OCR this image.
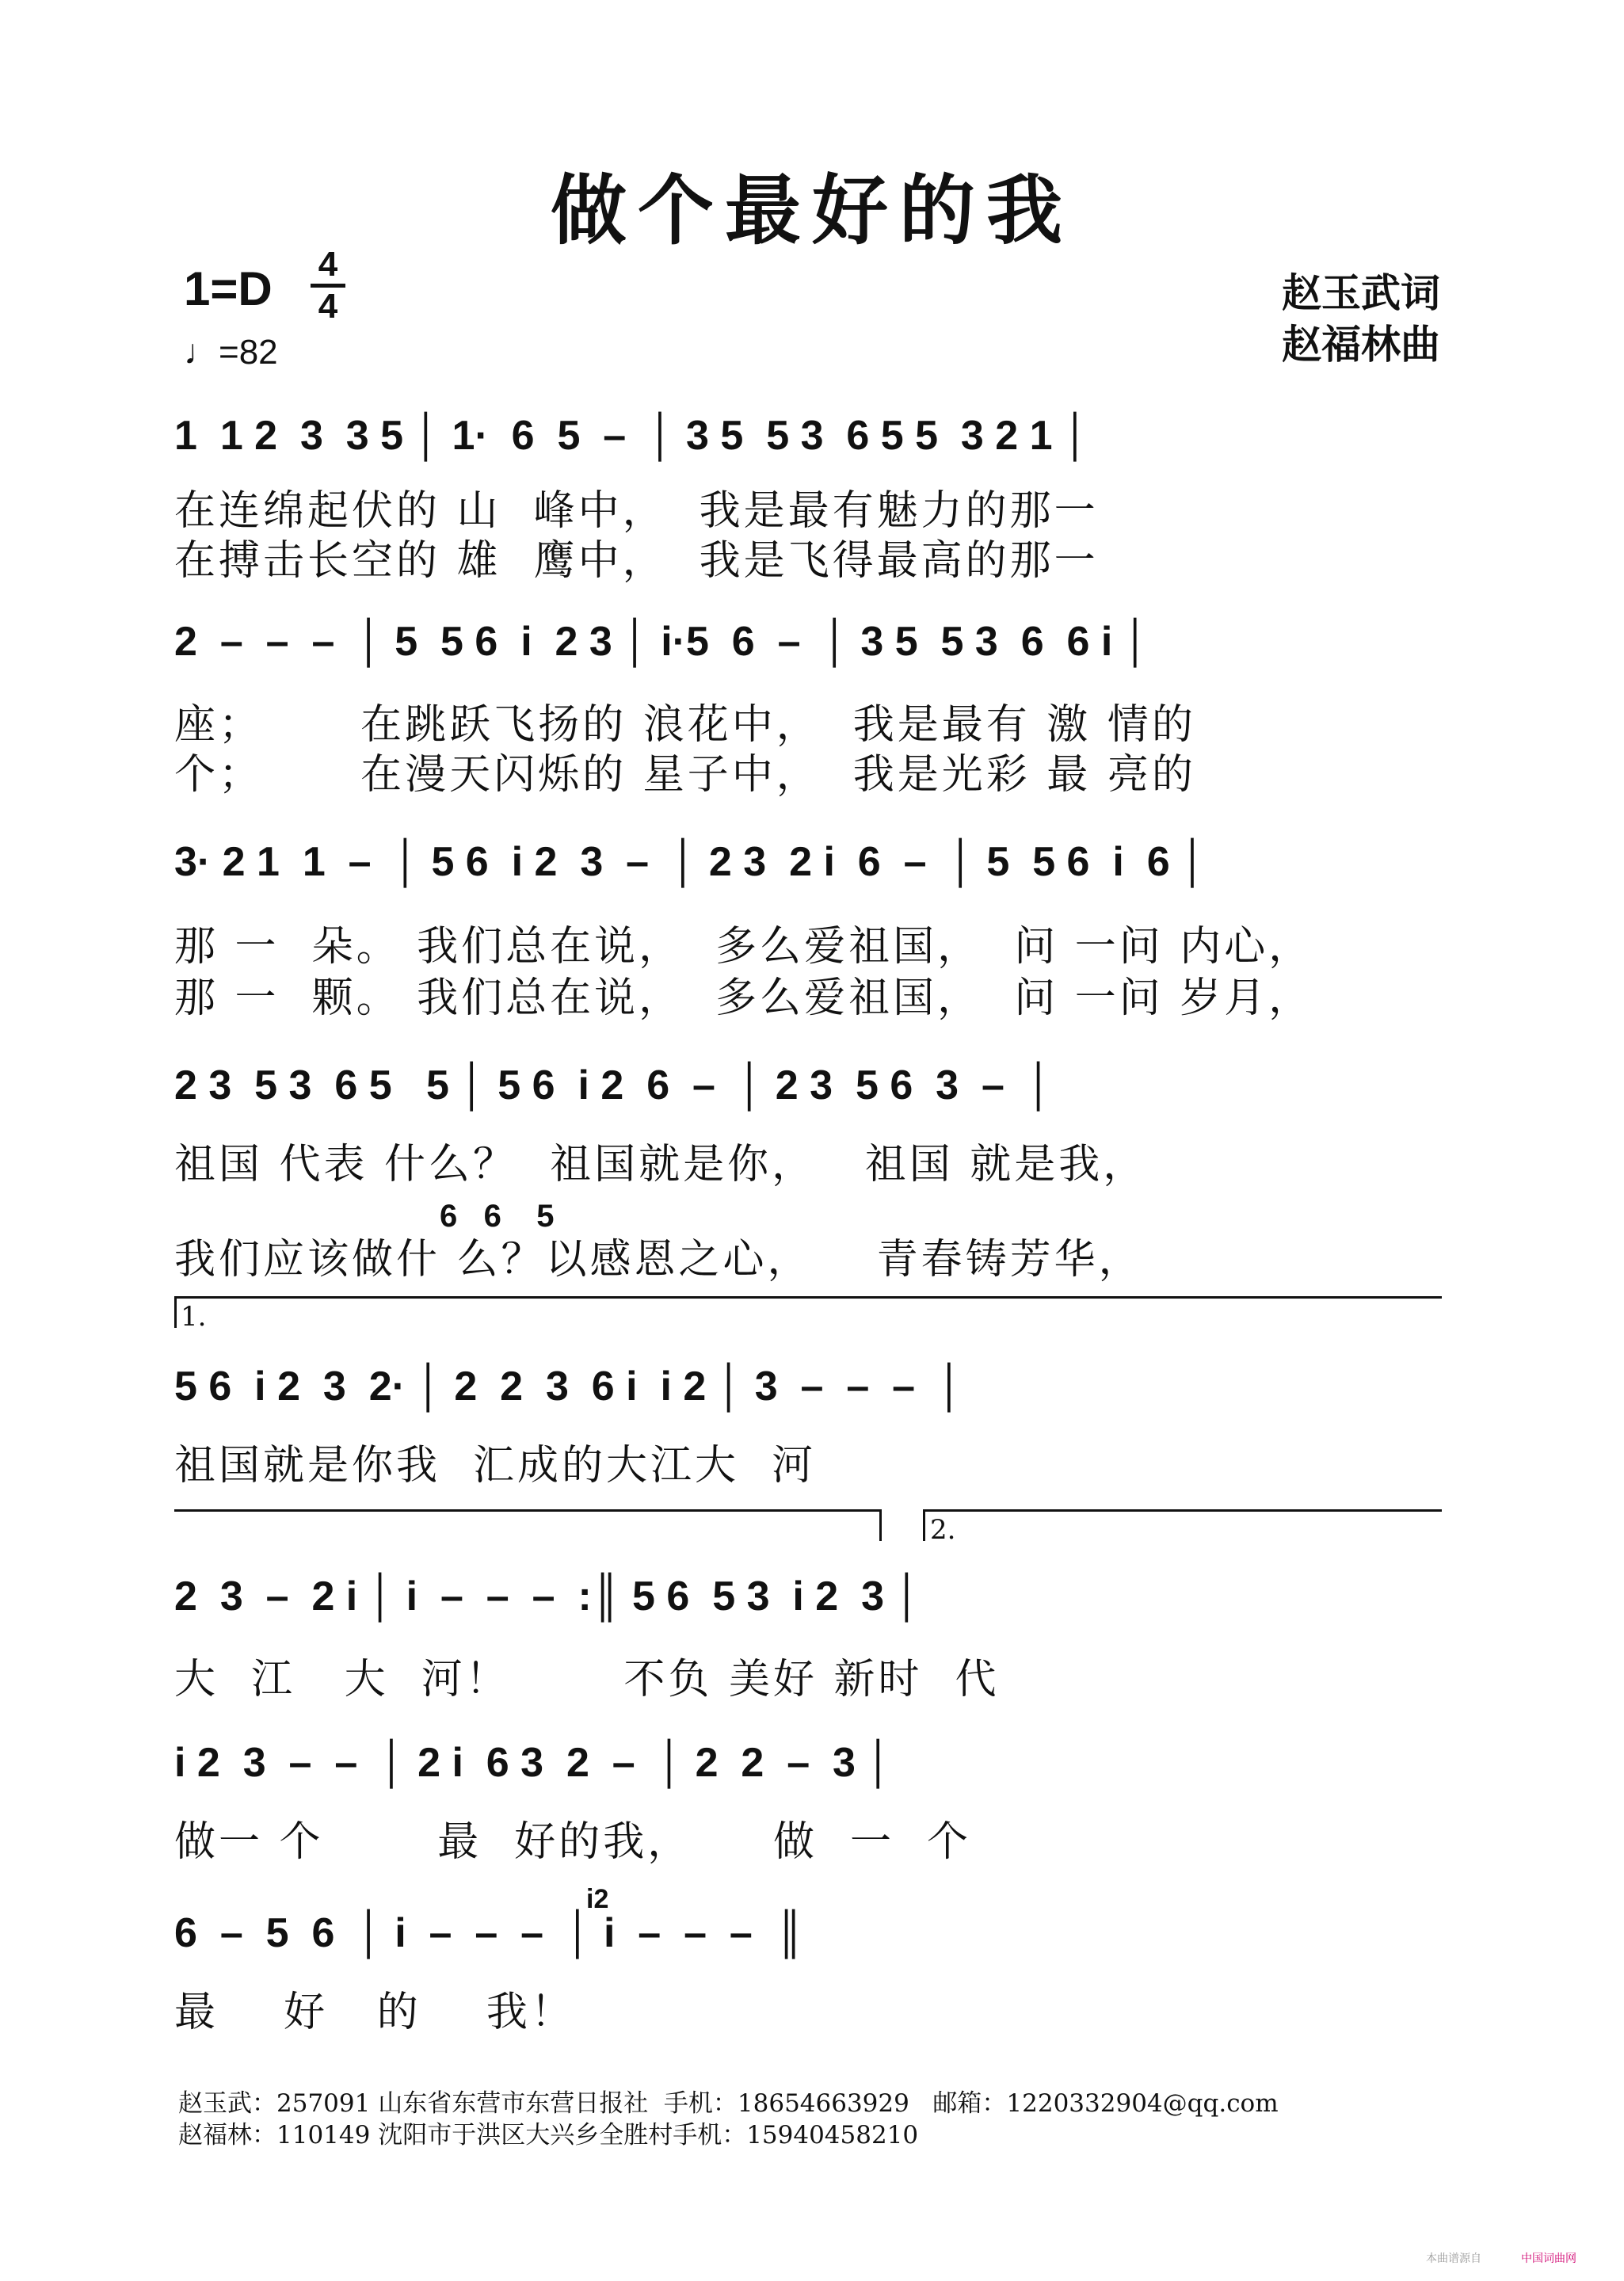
做个最好的我
1=D 4
4
♩=82
赵玉武词
赵福林曲
1  1 2  3  3 5 │ 1·  6  5  –  │ 3 5  5 3  6 5 5  3 2 1 │
在连绵起伏的 山  峰中，  我是最有魅力的那一
在搏击长空的 雄  鹰中，  我是飞得最高的那一
2  –  –  –  │ 5  5 6  i  2 3 │ i·5  6  –  │ 3 5  5 3  6  6 i │
座；      在跳跃飞扬的 浪花中，  我是最有 激 情的
个；      在漫天闪烁的 星子中，  我是光彩 最 亮的
3· 2 1  1  –  │ 5 6  i 2  3  –  │ 2 3  2 i  6  –  │ 5  5 6  i  6 │
那 一  朵。 我们总在说，  多么爱祖国，  问 一问 内心，
那 一  颗。 我们总在说，  多么爱祖国，  问 一问 岁月，
2 3  5 3  6 5   5 │ 5 6  i 2  6  –  │ 2 3  5 6  3  –  │
祖国 代表 什么？  祖国就是你，   祖国 就是我，
6   6    5
我们应该做什 么？以感恩之心，    青春铸芳华，
1.
5 6  i 2  3  2· │ 2  2  3  6 i  i 2 │ 3  –  –  –  │
祖国就是你我  汇成的大江大  河
2.
2  3  –  2 i │ i  –  –  –  :║ 5 6  5 3  i 2  3 │
大  江   大  河！       不负 美好 新时  代
i 2  3  –  –  │ 2 i  6 3  2  –  │ 2  2  –  3 │
做一 个       最  好的我，     做  一  个
i2
6  –  5  6  │ i  –  –  –  │ i  –  –  –  ║
最    好   的    我！
赵玉武：257091 山东省东营市东营日报社  手机：18654663929   邮箱：1220332904@qq.com
赵福林：110149 沈阳市于洪区大兴乡全胜村手机：15940458210
本曲谱源自	中国词曲网
